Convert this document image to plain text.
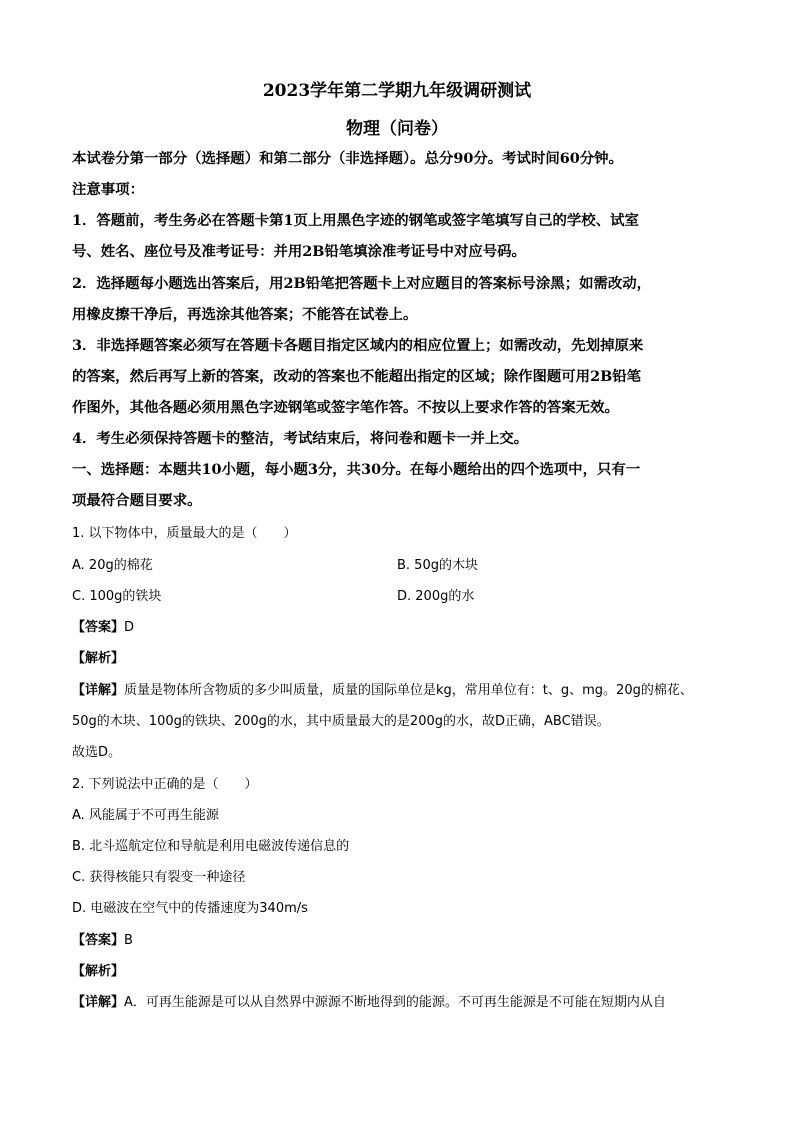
2023学年第二学期九年级调研测试
物理（问卷）
本试卷分第一部分（选择题）和第二部分（非选择题）。总分90分。考试时间60分钟。
注意事项：
1．答题前，考生务必在答题卡第1页上用黑色字迹的钢笔或签字笔填写自己的学校、试室
号、姓名、座位号及准考证号：并用2B铅笔填涂准考证号中对应号码。
2．选择题每小题选出答案后，用2B铅笔把答题卡上对应题目的答案标号涂黑；如需改动，
用橡皮擦干净后，再选涂其他答案；不能答在试卷上。
3．非选择题答案必须写在答题卡各题目指定区域内的相应位置上；如需改动，先划掉原来
的答案，然后再写上新的答案，改动的答案也不能超出指定的区域；除作图题可用2B铅笔
作图外，其他各题必须用黑色字迹钢笔或签字笔作答。不按以上要求作答的答案无效。
4．考生必须保持答题卡的整洁，考试结束后，将问卷和题卡一并上交。
一、选择题：本题共10小题，每小题3分，共30分。在每小题给出的四个选项中，只有一
项最符合题目要求。
1. 以下物体中，质量最大的是（　　）
A. 20g的棉花	B. 50g的木块
C. 100g的铁块	D. 200g的水
【答案】D
【解析】
【详解】质量是物体所含物质的多少叫质量，质量的国际单位是kg，常用单位有：t、g、mg。20g的棉花、
50g的木块、100g的铁块、200g的水，其中质量最大的是200g的水，故D正确，ABC错误。
故选D。
2. 下列说法中正确的是（　　）
A. 风能属于不可再生能源
B. 北斗巡航定位和导航是利用电磁波传递信息的
C. 获得核能只有裂变一种途径
D. 电磁波在空气中的传播速度为340m/s
【答案】B
【解析】
【详解】A．可再生能源是可以从自然界中源源不断地得到的能源。不可再生能源是不可能在短期内从自
